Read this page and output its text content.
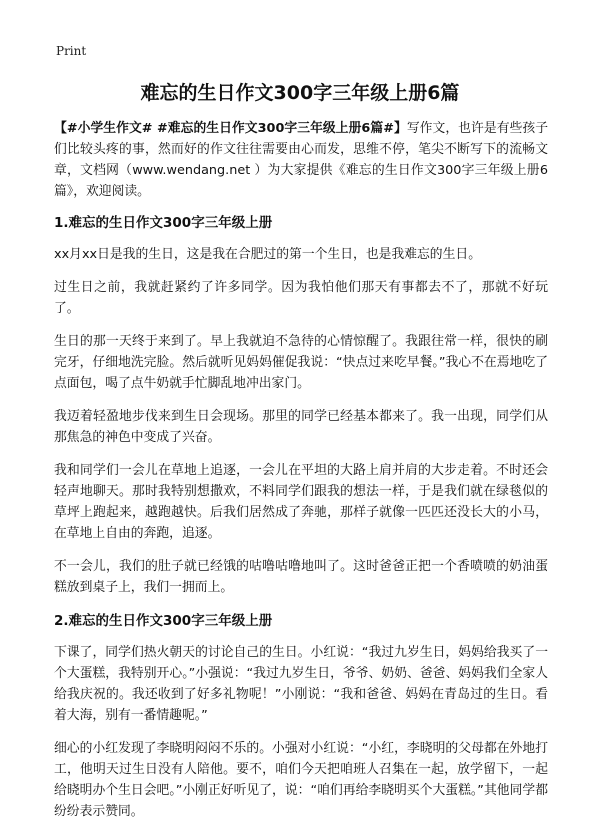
Print
难忘的生日作文300字三年级上册6篇

【#小学生作文# #难忘的生日作文300字三年级上册6篇#】写作文，也许是有些孩子们比较头疼的事，然而好的作文往往需要由心而发，思维不停，笔尖不断写下的流畅文章，文档网（www.wendang.net ）为大家提供《难忘的生日作文300字三年级上册6篇》，欢迎阅读。

1.难忘的生日作文300字三年级上册

xx月xx日是我的生日，这是我在合肥过的第一个生日，也是我难忘的生日。

过生日之前，我就赶紧约了许多同学。因为我怕他们那天有事都去不了，那就不好玩了。

生日的那一天终于来到了。早上我就迫不急待的心情惊醒了。我跟往常一样，很快的刷完牙，仔细地洗完脸。然后就听见妈妈催促我说：“快点过来吃早餐。”我心不在焉地吃了点面包，喝了点牛奶就手忙脚乱地冲出家门。

我迈着轻盈地步伐来到生日会现场。那里的同学已经基本都来了。我一出现，同学们从那焦急的神色中变成了兴奋。

我和同学们一会儿在草地上追逐，一会儿在平坦的大路上肩并肩的大步走着。不时还会轻声地聊天。那时我特别想撒欢，不料同学们跟我的想法一样，于是我们就在绿毯似的草坪上跑起来，越跑越快。后我们居然成了奔驰，那样子就像一匹匹还没长大的小马，在草地上自由的奔跑，追逐。

不一会儿，我们的肚子就已经饿的咕噜咕噜地叫了。这时爸爸正把一个香喷喷的奶油蛋糕放到桌子上，我们一拥而上。

2.难忘的生日作文300字三年级上册

下课了，同学们热火朝天的讨论自己的生日。小红说：“我过九岁生日，妈妈给我买了一个大蛋糕，我特别开心。”小强说：“我过九岁生日，爷爷、奶奶、爸爸、妈妈我们全家人给我庆祝的。我还收到了好多礼物呢！”小刚说：“我和爸爸、妈妈在青岛过的生日。看着大海，别有一番情趣呢。”

细心的小红发现了李晓明闷闷不乐的。小强对小红说：“小红，李晓明的父母都在外地打工，他明天过生日没有人陪他。要不，咱们今天把咱班人召集在一起，放学留下，一起给晓明办个生日会吧。”小刚正好听见了，说：“咱们再给李晓明买个大蛋糕。”其他同学都纷纷表示赞同。
